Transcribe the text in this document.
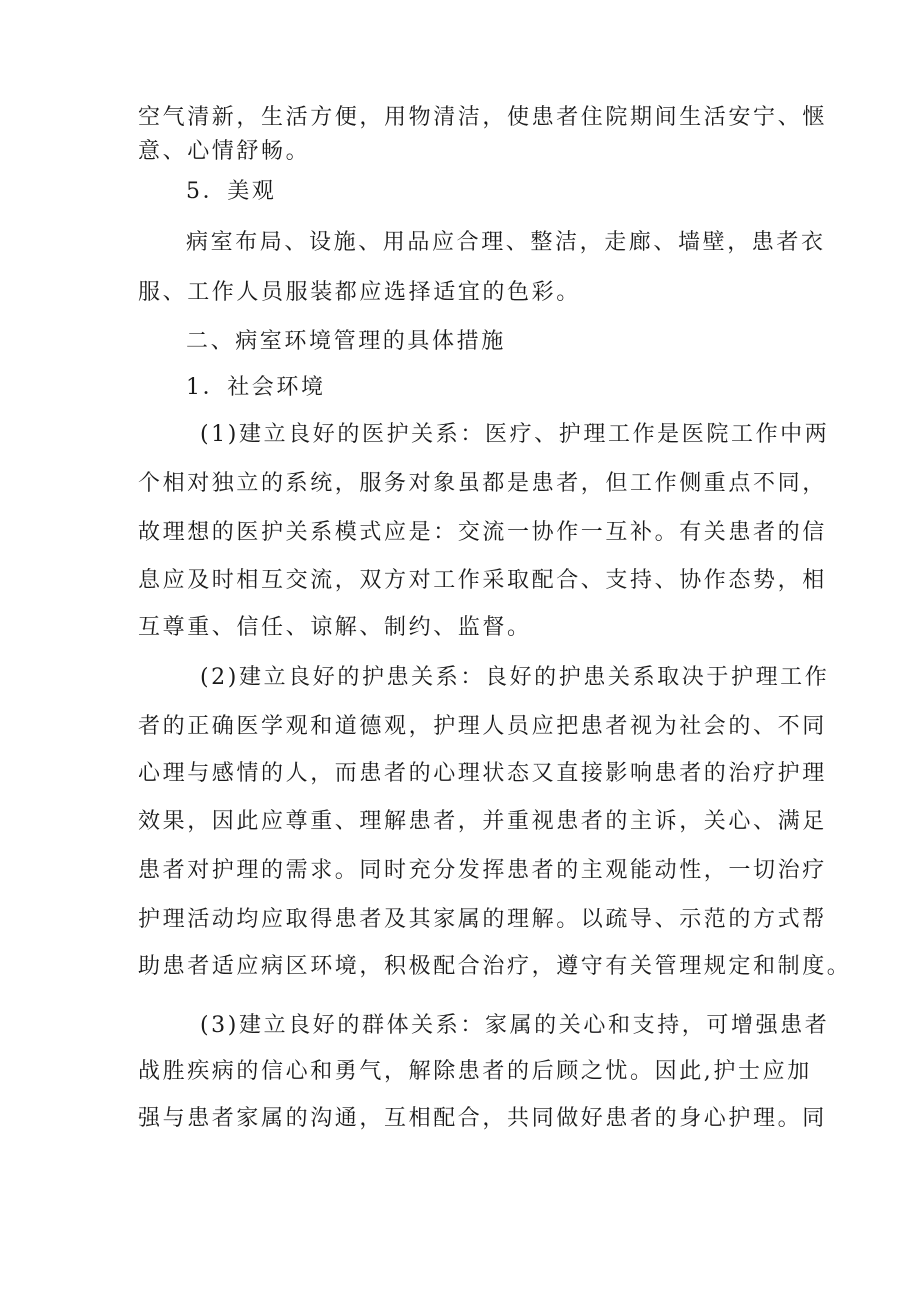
空气清新，生活方便，用物清洁，使患者住院期间生活安宁、惬
意、心情舒畅。
5．美观
病室布局、设施、用品应合理、整洁，走廊、墙壁，患者衣
服、工作人员服装都应选择适宜的色彩。
二、病室环境管理的具体措施
1．社会环境
(1)建立良好的医护关系：医疗、护理工作是医院工作中两
个相对独立的系统，服务对象虽都是患者，但工作侧重点不同，
故理想的医护关系模式应是：交流一协作一互补。有关患者的信
息应及时相互交流，双方对工作采取配合、支持、协作态势，相
互尊重、信任、谅解、制约、监督。
(2)建立良好的护患关系：良好的护患关系取决于护理工作
者的正确医学观和道德观，护理人员应把患者视为社会的、不同
心理与感情的人，而患者的心理状态又直接影响患者的治疗护理
效果，因此应尊重、理解患者，并重视患者的主诉，关心、满足
患者对护理的需求。同时充分发挥患者的主观能动性，一切治疗
护理活动均应取得患者及其家属的理解。以疏导、示范的方式帮
助患者适应病区环境，积极配合治疗，遵守有关管理规定和制度。
(3)建立良好的群体关系：家属的关心和支持，可增强患者
战胜疾病的信心和勇气，解除患者的后顾之忧。因此,护士应加
强与患者家属的沟通，互相配合，共同做好患者的身心护理。同
